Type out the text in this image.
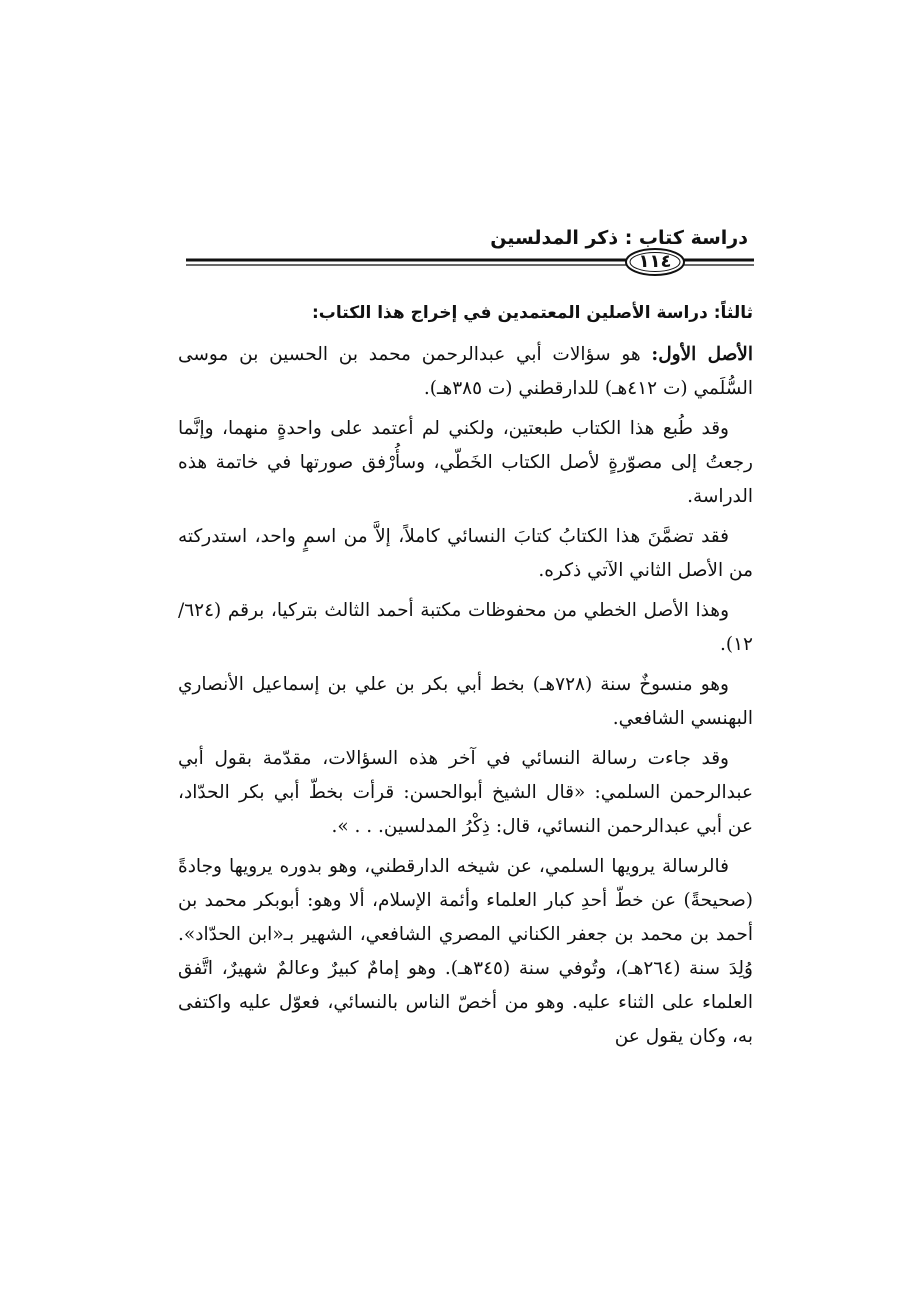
دراسة كتاب : ذكر المدلسين
١١٤
ثالثاً: دراسة الأصلين المعتمدين في إخراج هذا الكتاب:

الأصل الأول: هو سؤالات أبي عبدالرحمن محمد بن الحسين بن موسى السُّلَمي (ت ٤١٢هـ) للدارقطني (ت ٣٨٥هـ).

وقد طُبع هذا الكتاب طبعتين، ولكني لم أعتمد على واحدةٍ منهما، وإنَّما رجعتُ إلى مصوّرةٍ لأصل الكتاب الخَطّي، وسأُرْفق صورتها في خاتمة هذه الدراسة.

فقد تضمَّنَ هذا الكتابُ كتابَ النسائي كاملاً، إلاَّ من اسمٍ واحد، استدركته من الأصل الثاني الآتي ذكره.

وهذا الأصل الخطي من محفوظات مكتبة أحمد الثالث بتركيا، برقم (٦٢٤/ ١٢).

وهو منسوخٌ سنة (٧٢٨هـ) بخط أبي بكر بن علي بن إسماعيل الأنصاري البهنسي الشافعي.

وقد جاءت رسالة النسائي في آخر هذه السؤالات، مقدّمة بقول أبي عبدالرحمن السلمي: «قال الشيخ أبوالحسن: قرأت بخطّ أبي بكر الحدّاد، عن أبي عبدالرحمن النسائي، قال: ذِكْرُ المدلسين. . . ».

فالرسالة يرويها السلمي، عن شيخه الدارقطني، وهو بدوره يرويها وجادةً (صحيحةً) عن خطّ أحدِ كبار العلماء وأئمة الإسلام، ألا وهو: أبوبكر محمد بن أحمد بن محمد بن جعفر الكناني المصري الشافعي، الشهير بـ«ابن الحدّاد». وُلِدَ سنة (٢٦٤هـ)، وتُوفي سنة (٣٤٥هـ). وهو إمامٌ كبيرٌ وعالمٌ شهيرٌ، اتَّفق العلماء على الثناء عليه. وهو من أخصّ الناس بالنسائي، فعوّل عليه واكتفى به، وكان يقول عن
